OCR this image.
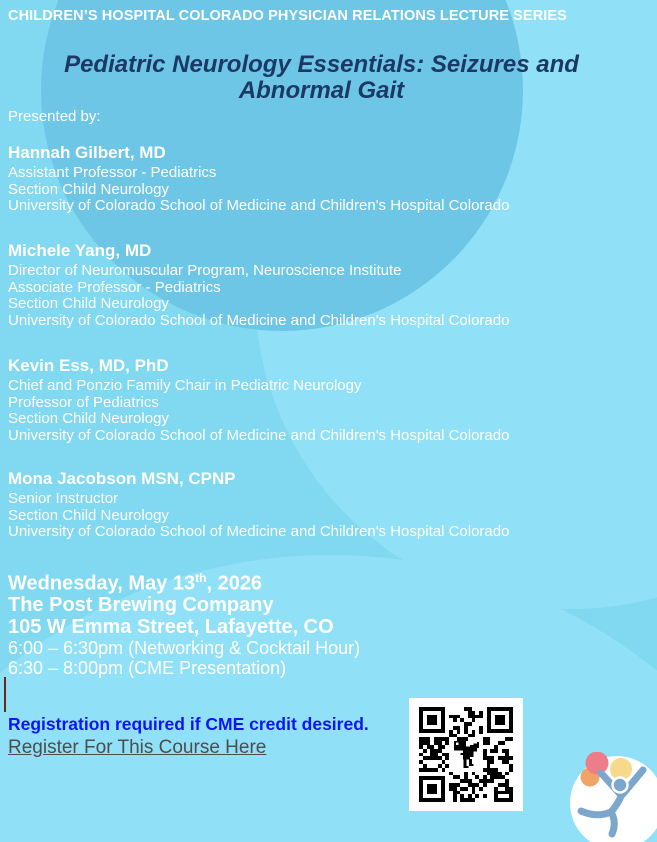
CHILDREN’S HOSPITAL COLORADO PHYSICIAN RELATIONS LECTURE SERIES
Pediatric Neurology Essentials: Seizures and
Abnormal Gait
Presented by:
Hannah Gilbert, MD
Assistant Professor - Pediatrics
Section Child Neurology
University of Colorado School of Medicine and Children's Hospital Colorado
Michele Yang, MD
Director of Neuromuscular Program, Neuroscience Institute
Associate Professor - Pediatrics
Section Child Neurology
University of Colorado School of Medicine and Children's Hospital Colorado
Kevin Ess, MD, PhD
Chief and Ponzio Family Chair in Pediatric Neurology
Professor of Pediatrics
Section Child Neurology
University of Colorado School of Medicine and Children's Hospital Colorado
Mona Jacobson MSN, CPNP
Senior Instructor
Section Child Neurology
University of Colorado School of Medicine and Children's Hospital Colorado
Wednesday, May 13th, 2026
The Post Brewing Company
105 W Emma Street, Lafayette, CO
6:00 – 6:30pm (Networking & Cocktail Hour)
6:30 – 8:00pm (CME Presentation)
Registration required if CME credit desired.
Register For This Course Here
